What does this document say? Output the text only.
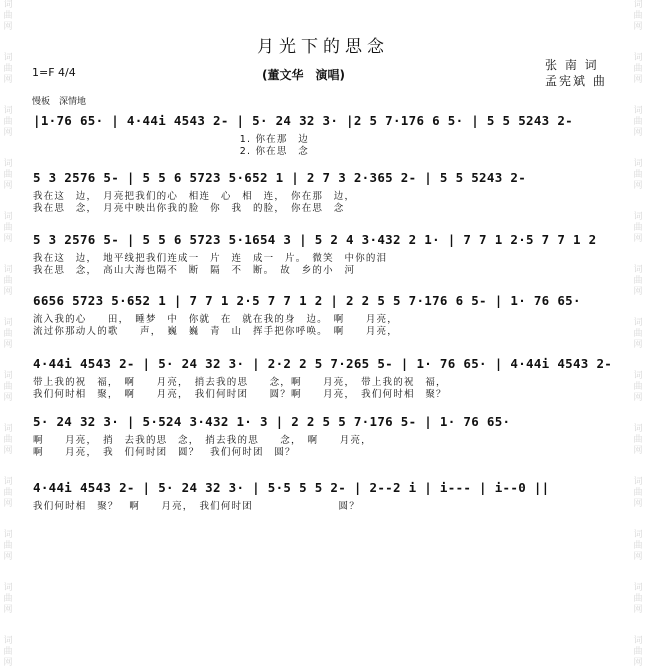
词
曲
网
词
曲
网
词
曲
网
词
曲
网
词
曲
网
词
曲
网
词
曲
网
词
曲
网
词
曲
网
词
曲
网
词
曲
网
词
曲
网
词
曲
网
词
曲
网
词
曲
网
词
曲
网
词
曲
网
词
曲
网
词
曲
网
词
曲
网
词
曲
网
词
曲
网
词
曲
网
词
曲
网
词
曲
网
词
曲
网
月光下的思念
(董文华　演唱)
张 南 词
孟宪斌 曲
1=F 4/4
慢板　深情地
|1·76 65· | 4·44i 4543 2- | 5· 24 32 3· |2 5 7·176 6 5· | 5 5 5243 2-
1. 你在那　边
2. 你在思　念
5 3 2576 5- | 5 5 6 5723 5·652 1 | 2 7 3 2·365 2- | 5 5 5243 2-
我在这　边，　月亮把我们的心　相连　心　相　连，　你在那　边，
我在思　念，　月亮中映出你我的脸　你　我　的脸，　你在思　念
5 3 2576 5- | 5 5 6 5723 5·1654 3 | 5 2 4 3·432 2 1· | 7 7 1 2·5 7 7 1 2
我在这　边，　地平线把我们连成一　片　连　成一　片。　微笑　中你的泪
我在思　念，　高山大海也隔不　断　隔　不　断。　故　乡的小　河
6656 5723 5·652 1 | 7 7 1 2·5 7 7 1 2 | 2 2 5 5 7·176 6 5- | 1· 76 65·
流入我的心　　田，　睡梦　中　你就　在　就在我的身　边。　啊　　月亮，
流过你那动人的歌　　声，　巍　巍　青　山　挥手把你呼唤。　啊　　月亮，
4·44i 4543 2- | 5· 24 32 3· | 2·2 2 5 7·265 5- | 1· 76 65· | 4·44i 4543 2-
带上我的祝　福，　啊　　月亮，　捎去我的思　　念，啊　　月亮，　带上我的祝　福，
我们何时相　聚，　啊　　月亮，　我们何时团　　圆？啊　　月亮，　我们何时相　聚？
5· 24 32 3· | 5·524 3·432 1· 3 | 2 2 5 5 7·176 5- | 1· 76 65·
啊　　月亮，　捎　去我的思　念，　捎去我的思　　念，　啊　　月亮，
啊　　月亮，　我　们何时团　圆？　我们何时团　圆？
4·44i 4543 2- | 5· 24 32 3· | 5·5 5 5 2- | 2--2 i | i--- | i--0 ||
我们何时相　聚？　啊　　月亮，　我们何时团　　　　　　　　圆？
